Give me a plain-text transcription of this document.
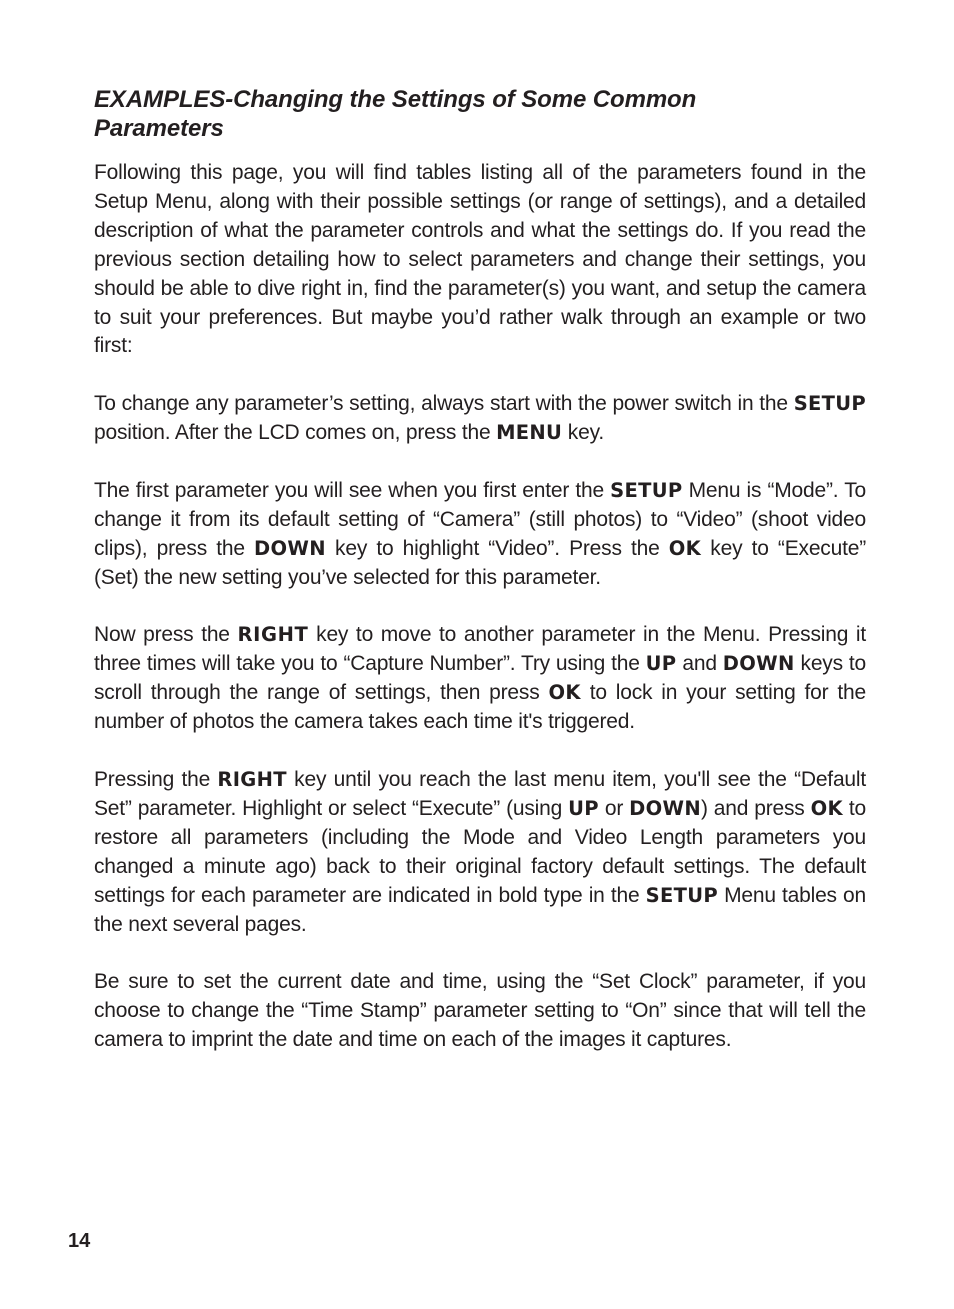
EXAMPLES-Changing the Settings of Some Common
Parameters

Following this page, you will find tables listing all of the parameters found in the Setup Menu, along with their possible settings (or range of settings), and a detailed description of what the parameter controls and what the settings do. If you read the previous section detailing how to select parameters and change their settings, you should be able to dive right in, find the parameter(s) you want, and setup the camera to suit your preferences. But maybe you’d rather walk through an example or two first:

To change any parameter’s setting, always start with the power switch in the SETUP position. After the LCD comes on, press the MENU key.

The first parameter you will see when you first enter the SETUP Menu is “Mode”. To change it from its default setting of “Camera” (still photos) to “Video” (shoot video clips), press the DOWN key to highlight “Video”. Press the OK key to “Execute” (Set) the new setting you’ve selected for this parameter.

Now press the RIGHT key to move to another parameter in the Menu. Pressing it three times will take you to “Capture Number”. Try using the UP and DOWN keys to scroll through the range of settings, then press OK to lock in your setting for the number of photos the camera takes each time it's triggered.

Pressing the RIGHT key until you reach the last menu item, you'll see the “Default Set” parameter. Highlight or select “Execute” (using UP or DOWN) and press OK to restore all parameters (including the Mode and Video Length parameters you changed a minute ago) back to their original factory default settings. The default settings for each parameter are indicated in bold type in the SETUP Menu tables on the next several pages.

Be sure to set the current date and time, using the “Set Clock” parameter, if you choose to change the “Time Stamp” parameter setting to “On” since that will tell the camera to imprint the date and time on each of the images it captures.

14
